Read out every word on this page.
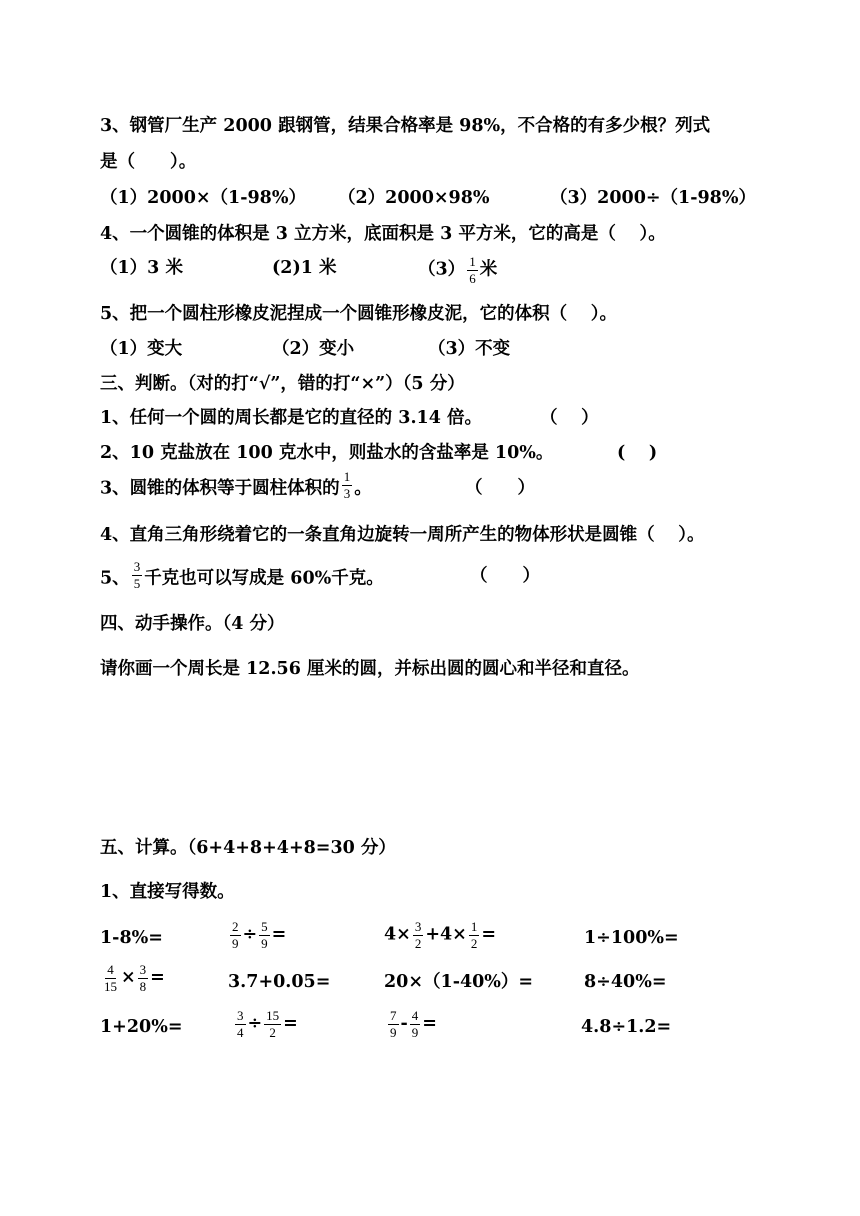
3、钢管厂生产 2000 跟钢管，结果合格率是 98%，不合格的有多少根？列式
是（　　）。
（1）2000×（1-98%） （2）2000×98%	（3）2000÷（1-98%）
4、一个圆锥的体积是 3 立方米，底面积是 3 平方米，它的高是（　 ）。
（1）3 米	(2)1 米	$(3) \frac{1}{6}$ 米
5、把一个圆柱形橡皮泥捏成一个圆锥形橡皮泥，它的体积（　 ）。
（1）变大	（2）变小	（3）不变
三、判断。（对的打“√”，错的打“×”）（5 分）
1、任何一个圆的周长都是它的直径的 3.14 倍。	（　 ）
2、10 克盐放在 100 克水中，则盐水的含盐率是 10%。	(　 )
3、圆锥的体积等于圆柱体积的 $\frac{1}{3}$ 。	（　　）
4、直角三角形绕着它的一条直角边旋转一周所产生的物体形状是圆锥（　 ）。
5、 $\frac{3}{5}$ 千克也可以写成是 60%千克。	（　　）
四、动手操作。（4 分）
请你画一个周长是 12.56 厘米的圆，并标出圆的圆心和半径和直径。
五、计算。（6+4+8+4+8=30 分）
1、直接写得数。
1-8%=	$\frac{2}{9} \div \frac{5}{9}$ =	$4\times \frac{3}{2} +4\times \frac{1}{2}$ =	1÷100%=
$\frac{4}{15} \times \frac{3}{8}$ =	3.7+0.05=	20×（1-40%）=	8÷40%=
1+20%=	$\frac{3}{4} \div \frac{15}{2}$ =	$\frac{7}{9} - \frac{4}{9}$ =	4.8÷1.2=
